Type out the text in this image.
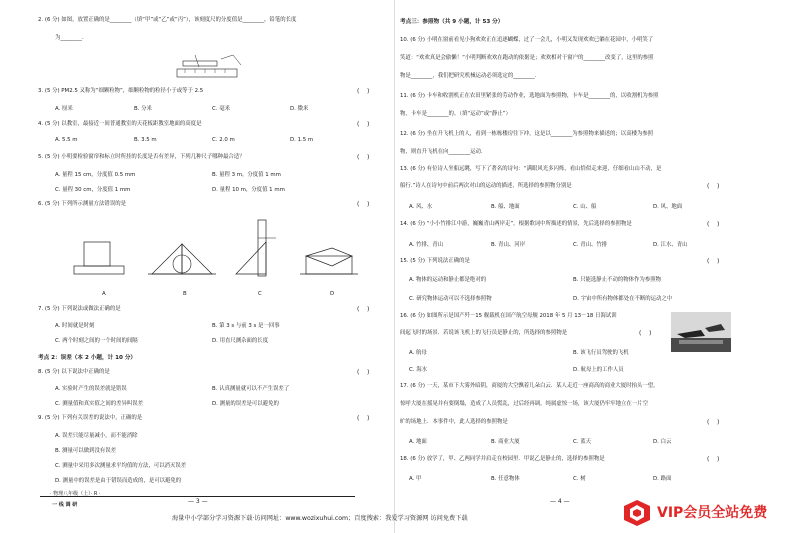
2. (6 分) 如图，放置正确的是________（填“甲”或“乙”或“丙”），该刻度尺的分度值是________，铅笔的长度
为________.
3. (5 分) PM2.5 又称为“细颗粒物”，细颗粒物的粒径小于或等于 2.5	(    )
A. 厘米	B. 分米	C. 毫米	D. 微米
4. (5 分) 以教室，最接近一间普通教室的天花板距教室地面的高度是	(    )
A. 5.5 m	B. 3.5 m	C. 2.0 m	D. 1.5 m
5. (5 分) 小明要检验窗帘和标立时所挂的长度是否有差异，下列几种尺子哪种最合适？	(    )
A. 量程 15 cm，分度值 0.5 mm	B. 量程 3 m，分度值 1 mm
C. 量程 30 cm，分度值 1 mm	D. 量程 10 m，分度值 1 mm
6. (5 分) 下列所示测量方法错误的是	(    )
A	B	C	D
7. (5 分) 下列说法或做法正确的是	(    )
A. 时间就是时刻	B. 第 3 s 与前 3 s 是一回事
C. 两个时刻之间的一个时间的间隔	D. 用直尺测杂面的长度
考点 2：误差（本 2 小题，计 10 分）
8. (5 分) 以下说法中正确的是	(    )
A. 实验时产生的误差就是错误	B. 认真测量就可以不产生误差了
C. 测量值和真实值之间的差异叫误差	D. 测量的误差是可以避免的
9. (5 分) 下列有关误差的说法中，正确的是	(    )
A. 误差只能尽量减小，而不能消除
B. 测量可以做到没有误差
C. 测量中采用多次测量求平均值的方法，可以消灭误差
D. 测量中的误差是由于错误而造成的，是可以避免的
· 物理八年级（上）· R ·
一 线 调 研	— 3 —
考点三：参照物（共 9 小题，计 53 分）
10. (6 分) 小明在窗前看见小狗欢欢正在追逐蝴蝶，过了一会儿，小明又发现欢欢已躺在花园中，小明笑了
笑道：“欢欢真是会偷懒！”小明判断欢欢在跑动的依据是；欢欢相对于窗户的________改变了，这里的参照
物是________，我们把研究机械运动必须选定的________.
11. (6 分) 卡车和收割机正在农田里紧张的劳动作业，选地面为参照物，卡车是________的，以收割机为参照
物，卡车是________的。（填“运动”或“静止”）
12. (6 分) 坐在升飞机上的人，看到一栋栋楼房往下冲，这是以________为参照物来描述的；以高楼为参照
物，则直升飞机在向________运动.
13. (6 分) 有位诗人坐船远眺，写下了著名的诗句：“满眼风光多闪烁，看山恰似走来迎，仔细看山山不动，是
船行.”诗人在诗句中前后两次对山的运动的描述，所选择的参照物分别是	(    )
A. 风、水	B. 船、地面	C. 山、船	D. 风、地面
14. (6 分) “小小竹排江中游，巍巍青山两岸走”，根据歌词中所描述的情景，先后选择的参照物是	(    )
A. 竹排、青山	B. 青山、河岸	C. 青山、竹排	D. 江水、青山
15. (5 分) 下列说法正确的是	(    )
A. 物体的运动和静止都是绝对的	B. 只能选静止不动的物体作为参照物
C. 研究物体运动可以不选择参照物	D. 宇宙中所有物体都处在不断的运动之中
16. (6 分) 如图所示是国产歼－15 舰载机在国产航空母舰 2018 年 5 月 13－18 日海试训
间起飞时的场景．若说该飞机上的飞行员是静止的，所选择的参照物是	(    )
A. 航母	B. 该飞行员驾驶的飞机
C. 海水	D. 航母上的工作人员
17. (6 分) 一天，某市下大雾外暗阴，商厦的大空飘着几朵白云．某人走近一座商高的商业大厦时抬头一望，
惊呼大厦在摇晃并有要倒塌，造成了人员慌乱，过后经再调，纯属虚惊一场，该大厦仍牢牢地立在一片空
旷的场地上．本事件中，此人选择的参照物是	(    )
A. 地面	B. 商业大厦	C. 蓝天	D. 白云
18. (6 分) 放学了，甲、乙两同学并肩走在校园里．甲说乙是静止的，选择的参照物是	(    )
A. 甲	B. 任意物体	C. 树	D. 路面
— 4 —
海量中小学部分学习资源下载·访问网址：www.wozixuhui.com；百度搜索：我爱学习资源网 访问免费下载	VIP会员全站免费
